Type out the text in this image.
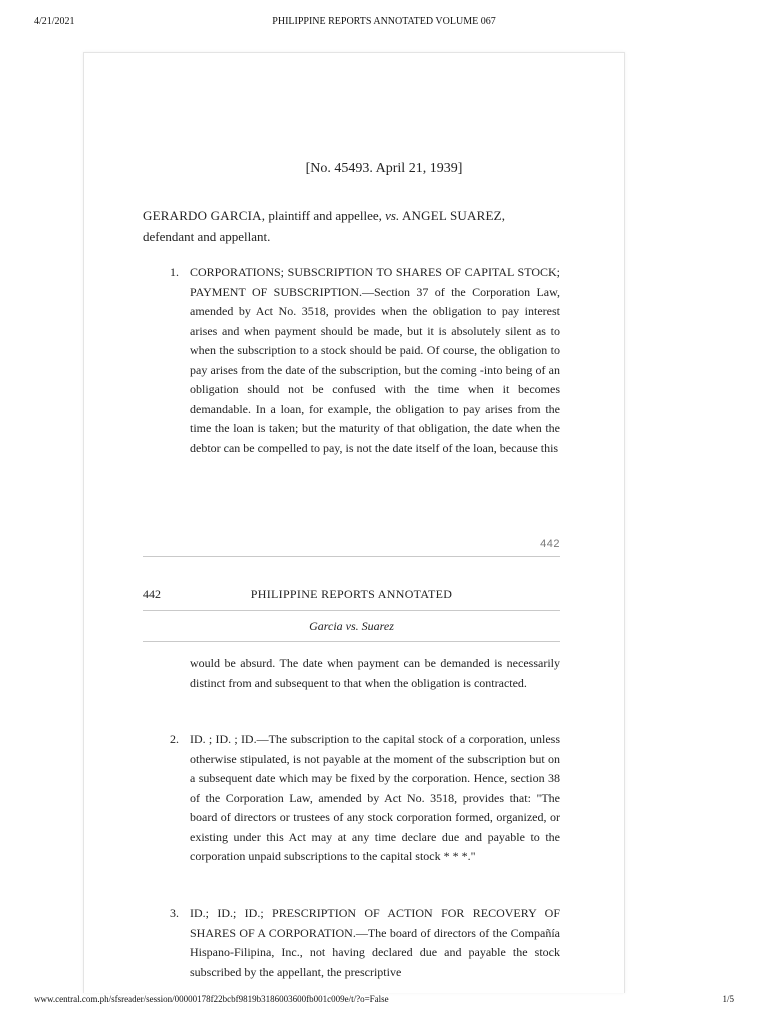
4/21/2021	PHILIPPINE REPORTS ANNOTATED VOLUME 067
[No. 45493. April 21, 1939]
GERARDO GARCIA, plaintiff and appellee, vs. ANGEL SUAREZ,
defendant and appellant.
1. CORPORATIONS; SUBSCRIPTION TO SHARES OF CAPITAL STOCK; PAYMENT OF SUBSCRIPTION.—Section 37 of the Corporation Law, amended by Act No. 3518, provides when the obligation to pay interest arises and when payment should be made, but it is absolutely silent as to when the subscription to a stock should be paid. Of course, the obligation to pay arises from the date of the subscription, but the coming -into being of an obligation should not be confused with the time when it becomes demandable. In a loan, for example, the obligation to pay arises from the time the loan is taken; but the maturity of that obligation, the date when the debtor can be compelled to pay, is not the date itself of the loan, because this
442
442	PHILIPPINE REPORTS ANNOTATED
Garcia vs. Suarez
would be absurd. The date when payment can be demanded is necessarily distinct from and subsequent to that when the obligation is contracted.
2. ID. ; ID. ; ID.—The subscription to the capital stock of a corporation, unless otherwise stipulated, is not payable at the moment of the subscription but on a subsequent date which may be fixed by the corporation. Hence, section 38 of the Corporation Law, amended by Act No. 3518, provides that: "The board of directors or trustees of any stock corporation formed, organized, or existing under this Act may at any time declare due and payable to the corporation unpaid subscriptions to the capital stock * * *."
3. ID.; ID.; ID.; PRESCRIPTION OF ACTION FOR RECOVERY OF SHARES OF A CORPORATION.—The board of directors of the Compañía Hispano-Filipina, Inc., not having declared due and payable the stock subscribed by the appellant, the prescriptive
www.central.com.ph/sfsreader/session/00000178f22bcbf9819b3186003600fb001c009e/t/?o=False	1/5
